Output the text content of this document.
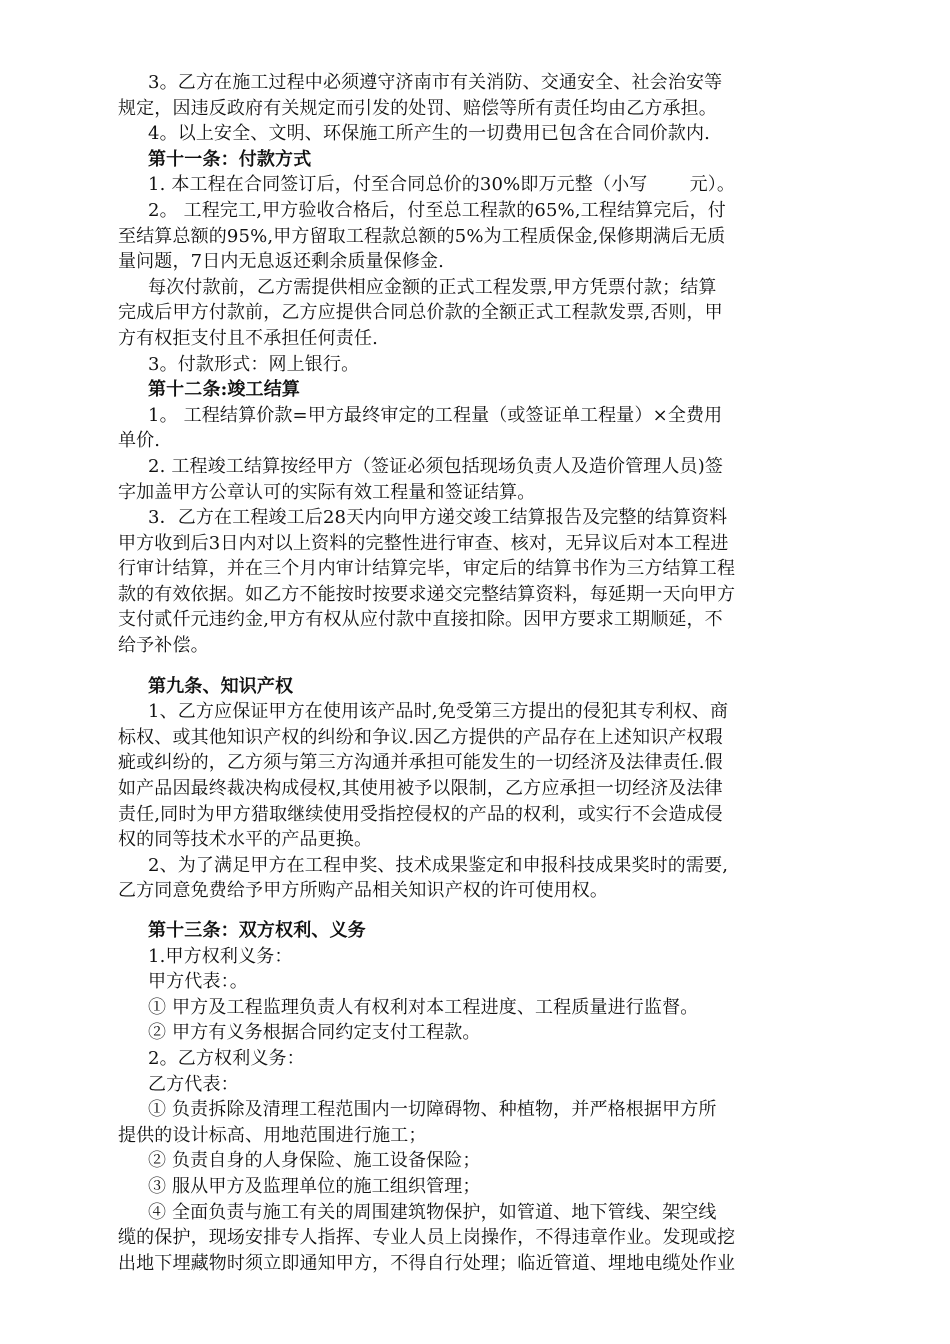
3。乙方在施工过程中必须遵守济南市有关消防、交通安全、社会治安等
规定，因违反政府有关规定而引发的处罚、赔偿等所有责任均由乙方承担。
4。以上安全、文明、环保施工所产生的一切费用已包含在合同价款内.
第十一条：付款方式
1. 本工程在合同签订后，付至合同总价的30%即万元整（小写　　 元）。
2。 工程完工,甲方验收合格后，付至总工程款的65%,工程结算完后，付
至结算总额的95%,甲方留取工程款总额的5%为工程质保金,保修期满后无质
量问题，7日内无息返还剩余质量保修金.
每次付款前，乙方需提供相应金额的正式工程发票,甲方凭票付款；结算
完成后甲方付款前，乙方应提供合同总价款的全额正式工程款发票,否则，甲
方有权拒支付且不承担任何责任.
3。付款形式：网上银行。
第十二条:竣工结算
1。 工程结算价款=甲方最终审定的工程量（或签证单工程量）×全费用
单价.
2. 工程竣工结算按经甲方（签证必须包括现场负责人及造价管理人员)签
字加盖甲方公章认可的实际有效工程量和签证结算。
3．乙方在工程竣工后28天内向甲方递交竣工结算报告及完整的结算资料
甲方收到后3日内对以上资料的完整性进行审查、核对，无异议后对本工程进
行审计结算，并在三个月内审计结算完毕，审定后的结算书作为三方结算工程
款的有效依据。如乙方不能按时按要求递交完整结算资料，每延期一天向甲方
支付贰仟元违约金,甲方有权从应付款中直接扣除。因甲方要求工期顺延，不
给予补偿。
第九条、知识产权
1、乙方应保证甲方在使用该产品时,免受第三方提出的侵犯其专利权、商
标权、或其他知识产权的纠纷和争议.因乙方提供的产品存在上述知识产权瑕
疵或纠纷的，乙方须与第三方沟通并承担可能发生的一切经济及法律责任.假
如产品因最终裁决构成侵权,其使用被予以限制，乙方应承担一切经济及法律
责任,同时为甲方猎取继续使用受指控侵权的产品的权利，或实行不会造成侵
权的同等技术水平的产品更换。
2、为了满足甲方在工程申奖、技术成果鉴定和申报科技成果奖时的需要,
乙方同意免费给予甲方所购产品相关知识产权的许可使用权。
第十三条：双方权利、义务
1.甲方权利义务：
甲方代表：。
① 甲方及工程监理负责人有权利对本工程进度、工程质量进行监督。
② 甲方有义务根据合同约定支付工程款。
2。乙方权利义务：
乙方代表：
① 负责拆除及清理工程范围内一切障碍物、种植物，并严格根据甲方所
提供的设计标高、用地范围进行施工；
② 负责自身的人身保险、施工设备保险；
③ 服从甲方及监理单位的施工组织管理；
④ 全面负责与施工有关的周围建筑物保护，如管道、地下管线、架空线
缆的保护，现场安排专人指挥、专业人员上岗操作，不得违章作业。发现或挖
出地下埋藏物时须立即通知甲方，不得自行处理；临近管道、埋地电缆处作业
